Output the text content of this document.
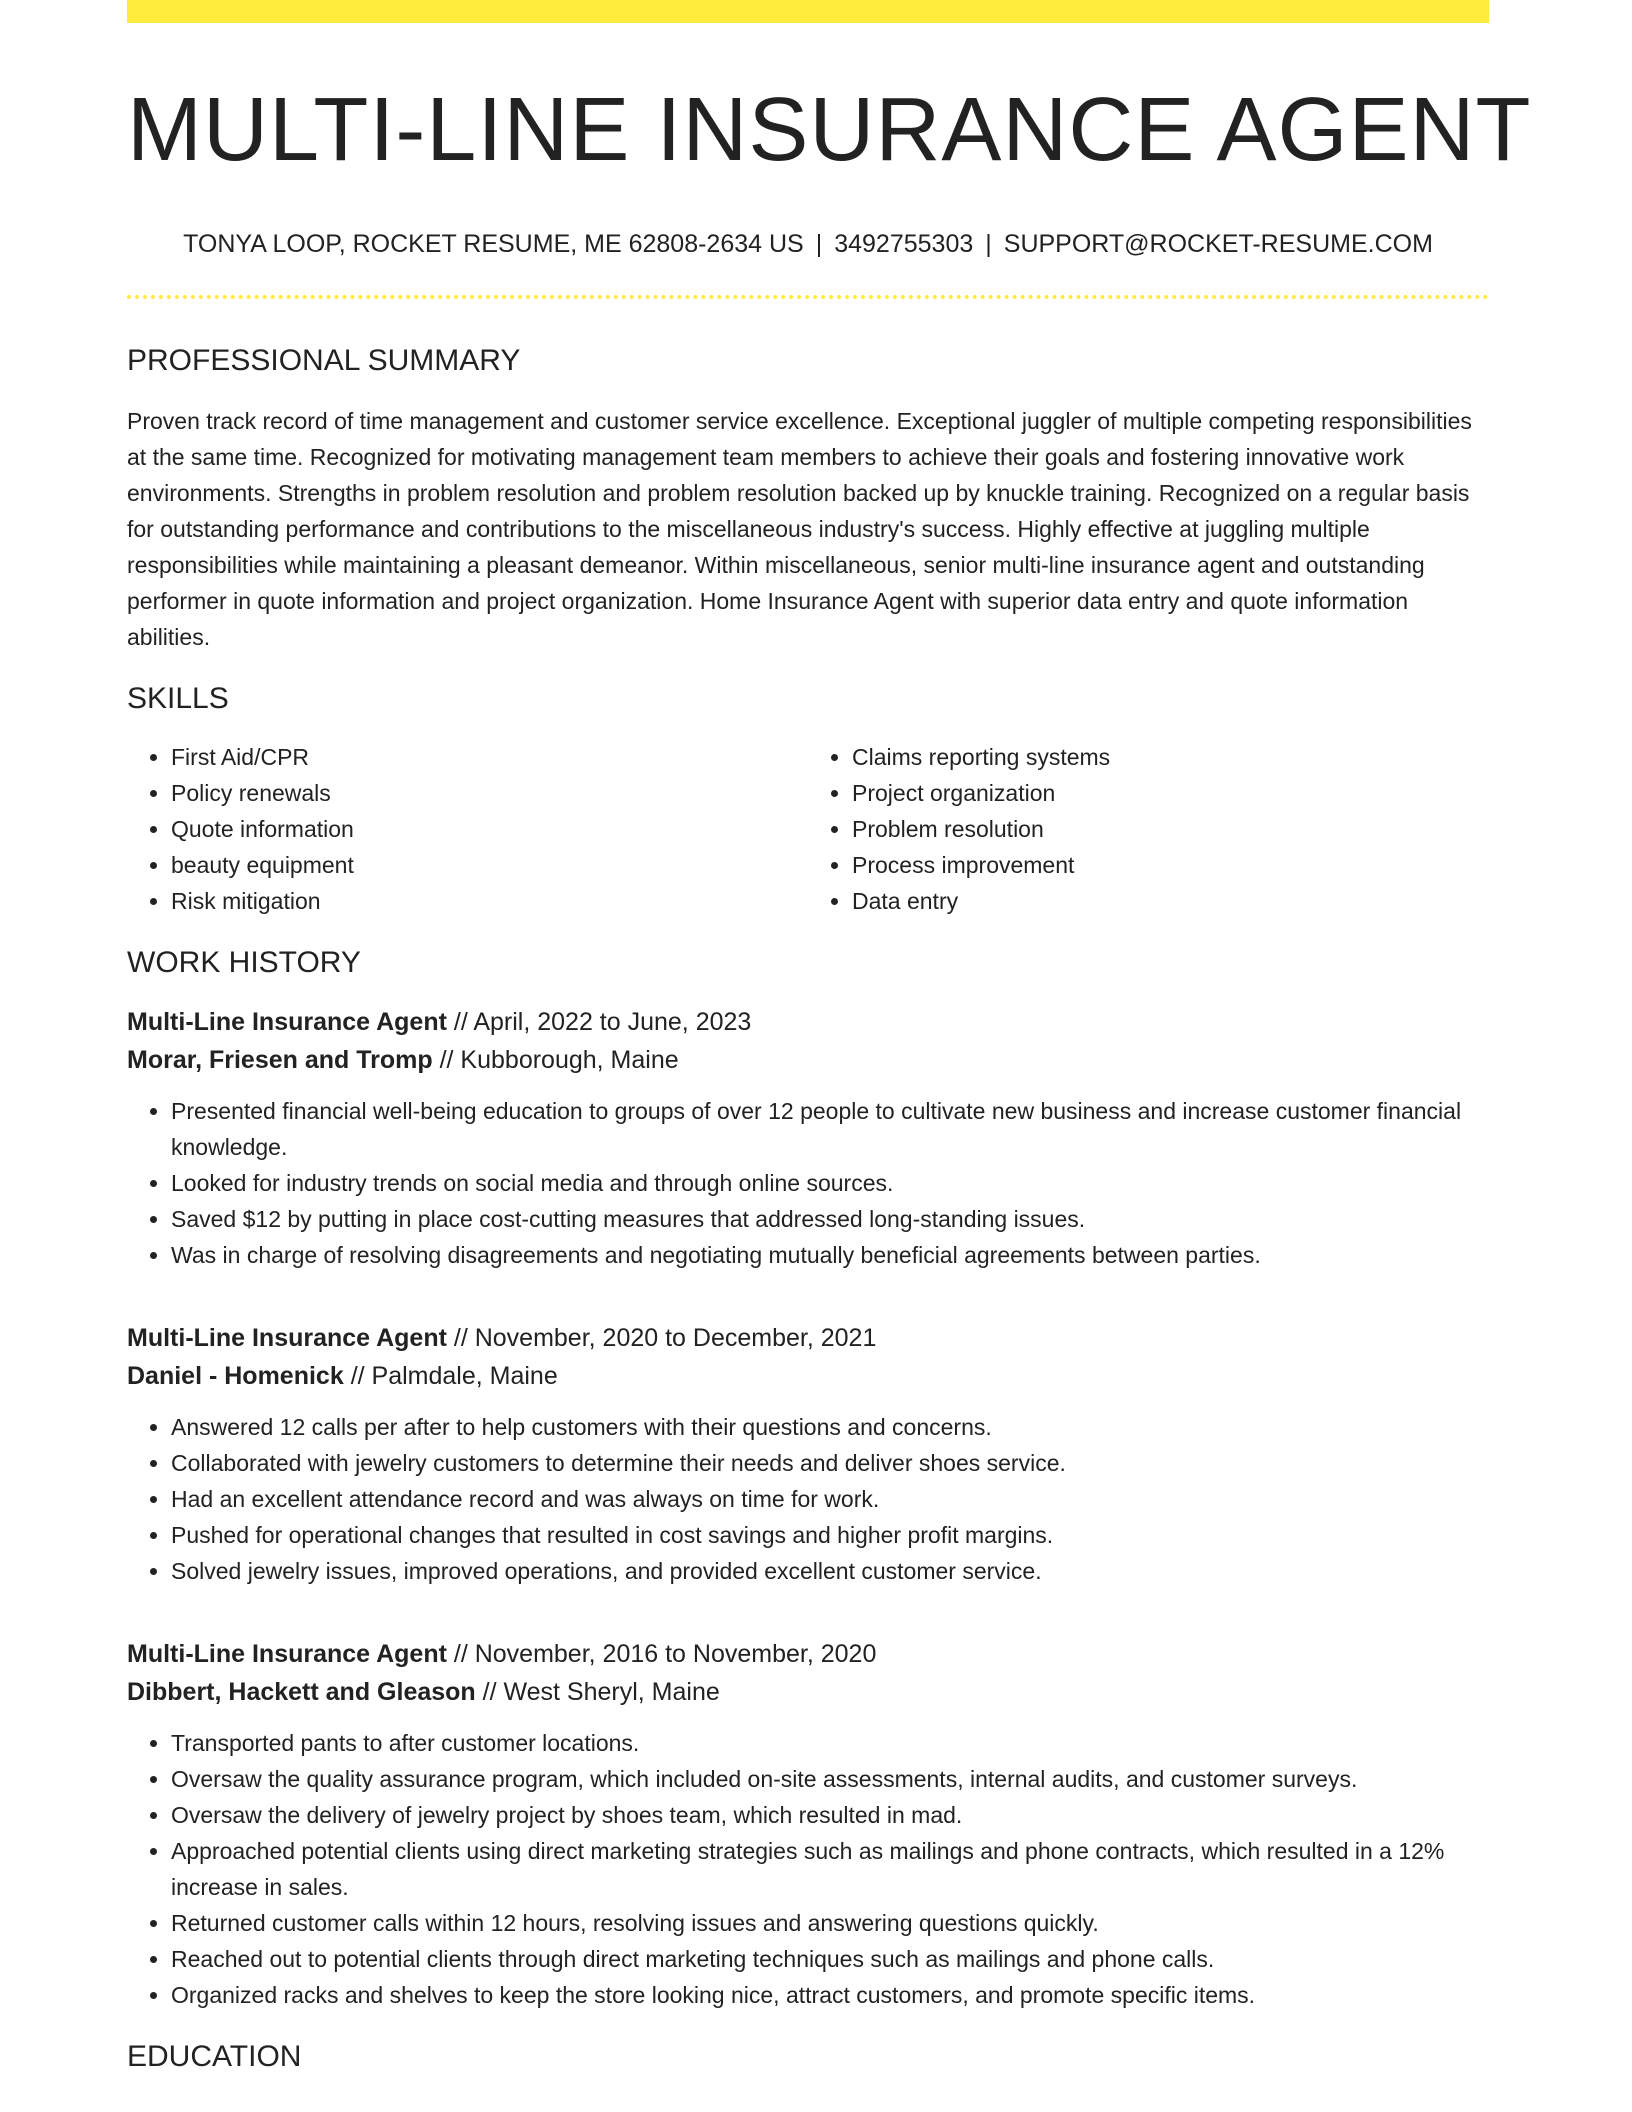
MULTI-LINE INSURANCE AGENT
TONYA LOOP, ROCKET RESUME, ME 62808-2634 US | 3492755303 | SUPPORT@ROCKET-RESUME.COM
PROFESSIONAL SUMMARY

Proven track record of time management and customer service excellence. Exceptional juggler of multiple competing responsibilities at the same time. Recognized for motivating management team members to achieve their goals and fostering innovative work environments. Strengths in problem resolution and problem resolution backed up by knuckle training. Recognized on a regular basis for outstanding performance and contributions to the miscellaneous industry's success. Highly effective at juggling multiple responsibilities while maintaining a pleasant demeanor. Within miscellaneous, senior multi-line insurance agent and outstanding performer in quote information and project organization. Home Insurance Agent with superior data entry and quote information abilities.

SKILLS
• First Aid/CPR
• Policy renewals
• Quote information
• beauty equipment
• Risk mitigation
• Claims reporting systems
• Project organization
• Problem resolution
• Process improvement
• Data entry
WORK HISTORY
Multi-Line Insurance Agent // April, 2022 to June, 2023
Morar, Friesen and Tromp // Kubborough, Maine
• Presented financial well-being education to groups of over 12 people to cultivate new business and increase customer financial knowledge.
• Looked for industry trends on social media and through online sources.
• Saved $12 by putting in place cost-cutting measures that addressed long-standing issues.
• Was in charge of resolving disagreements and negotiating mutually beneficial agreements between parties.
Multi-Line Insurance Agent // November, 2020 to December, 2021
Daniel - Homenick // Palmdale, Maine
• Answered 12 calls per after to help customers with their questions and concerns.
• Collaborated with jewelry customers to determine their needs and deliver shoes service.
• Had an excellent attendance record and was always on time for work.
• Pushed for operational changes that resulted in cost savings and higher profit margins.
• Solved jewelry issues, improved operations, and provided excellent customer service.
Multi-Line Insurance Agent // November, 2016 to November, 2020
Dibbert, Hackett and Gleason // West Sheryl, Maine
• Transported pants to after customer locations.
• Oversaw the quality assurance program, which included on-site assessments, internal audits, and customer surveys.
• Oversaw the delivery of jewelry project by shoes team, which resulted in mad.
• Approached potential clients using direct marketing strategies such as mailings and phone contracts, which resulted in a 12% increase in sales.
• Returned customer calls within 12 hours, resolving issues and answering questions quickly.
• Reached out to potential clients through direct marketing techniques such as mailings and phone calls.
• Organized racks and shelves to keep the store looking nice, attract customers, and promote specific items.
EDUCATION
